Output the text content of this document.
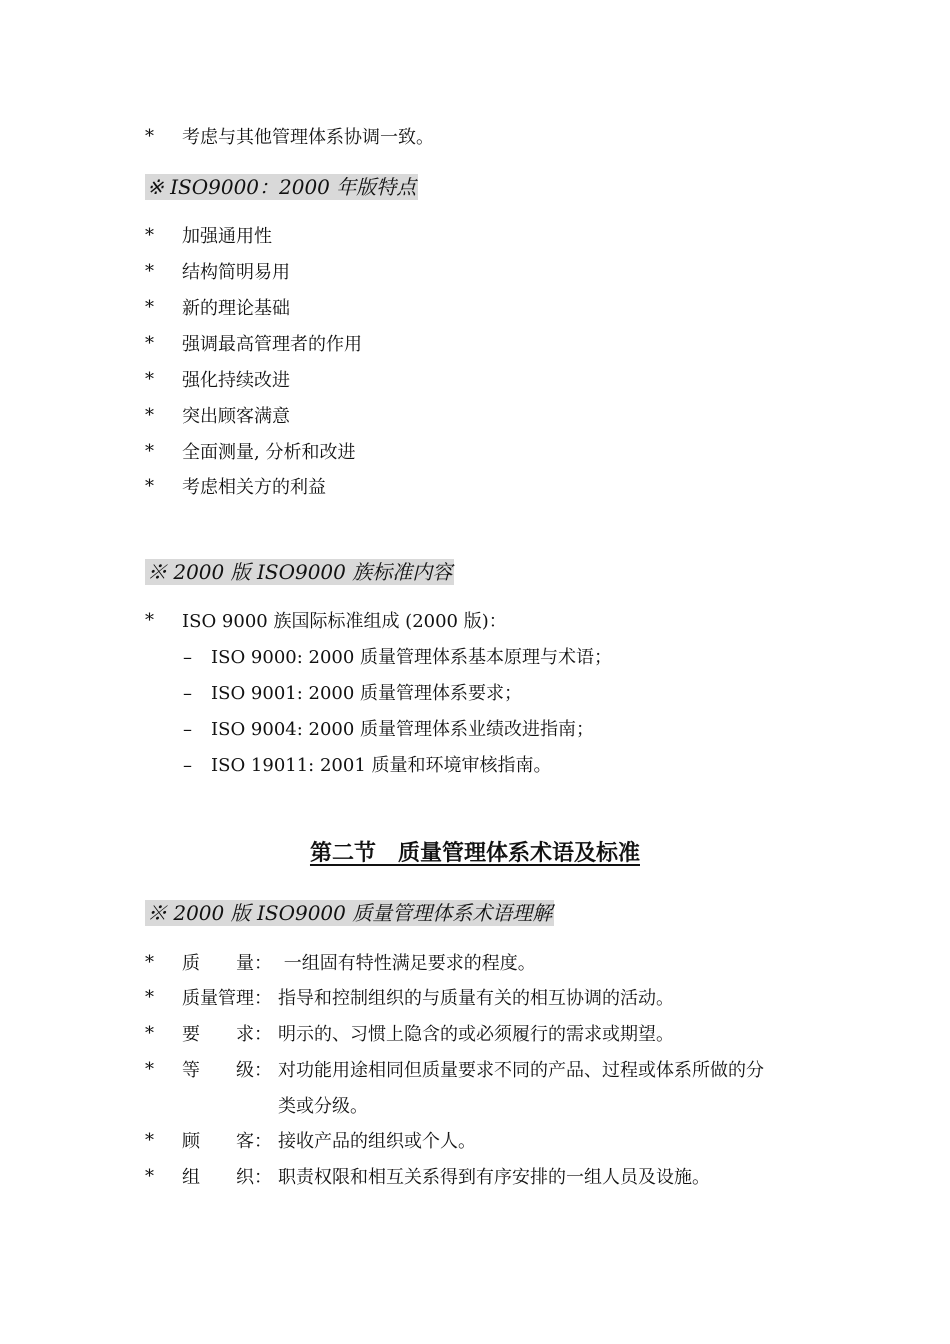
*	考虑与其他管理体系协调一致。
※ ISO9000：2000 年版特点
*	加强通用性
*	结构简明易用
*	新的理论基础
*	强调最高管理者的作用
*	强化持续改进
*	突出顾客满意
*	全面测量, 分析和改进
*	考虑相关方的利益
※ 2000 版 ISO9000 族标准内容
*	ISO 9000 族国际标准组成 (2000 版)：
– ISO 9000: 2000 质量管理体系基本原理与术语；
– ISO 9001: 2000 质量管理体系要求；
– ISO 9004: 2000 质量管理体系业绩改进指南；
– ISO 19011: 2001 质量和环境审核指南。
第二节　质量管理体系术语及标准
※ 2000 版 ISO9000 质量管理体系术语理解
*	质　　量： 一组固有特性满足要求的程度。
*	质量管理： 指导和控制组织的与质量有关的相互协调的活动。
*	要　　求： 明示的、习惯上隐含的或必须履行的需求或期望。
*	等　　级： 对功能用途相同但质量要求不同的产品、过程或体系所做的分
类或分级。
*	顾　　客： 接收产品的组织或个人。
*	组　　织： 职责权限和相互关系得到有序安排的一组人员及设施。
